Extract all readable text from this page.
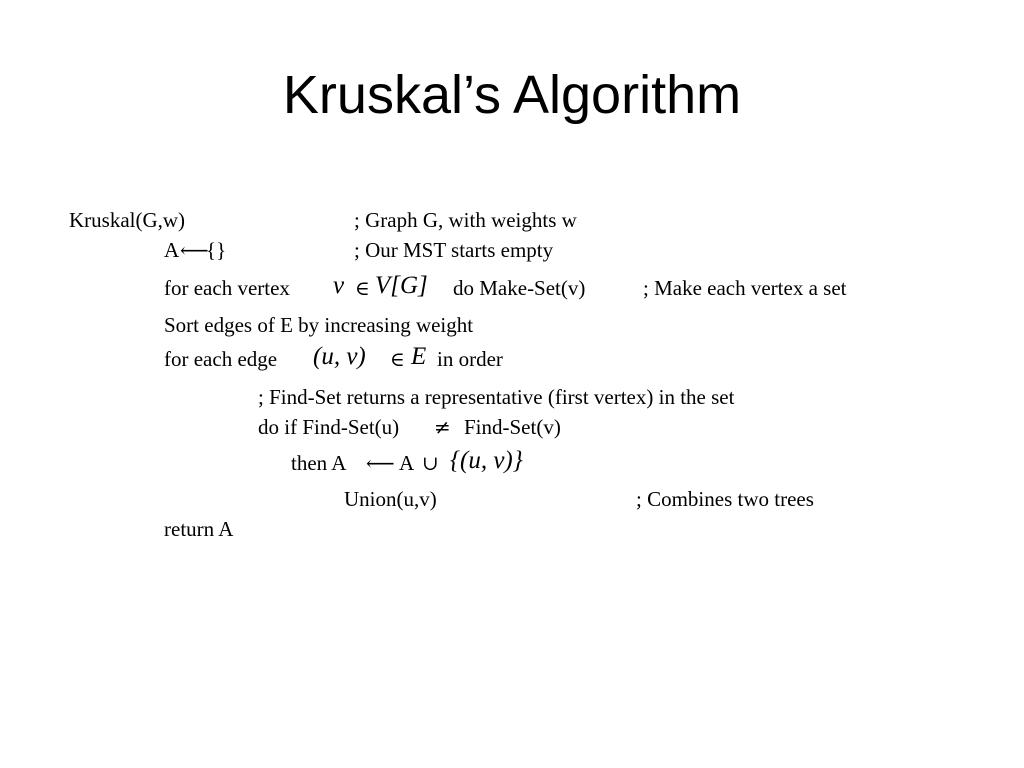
Kruskal’s Algorithm
Kruskal(G,w)	; Graph G, with weights w
A ⟵
{}	; Our MST starts empty
for each vertex v ∈ V[G] do Make-Set(v)	; Make each vertex a set
Sort edges of E by increasing weight
for each edge (u, v) ∈ E in order
; Find-Set returns a representative (first vertex) in the set
do if Find-Set(u) ≠ Find-Set(v)
then A ⟵ A ∪ {(u, v)}
Union(u,v)	; Combines two trees
return A
